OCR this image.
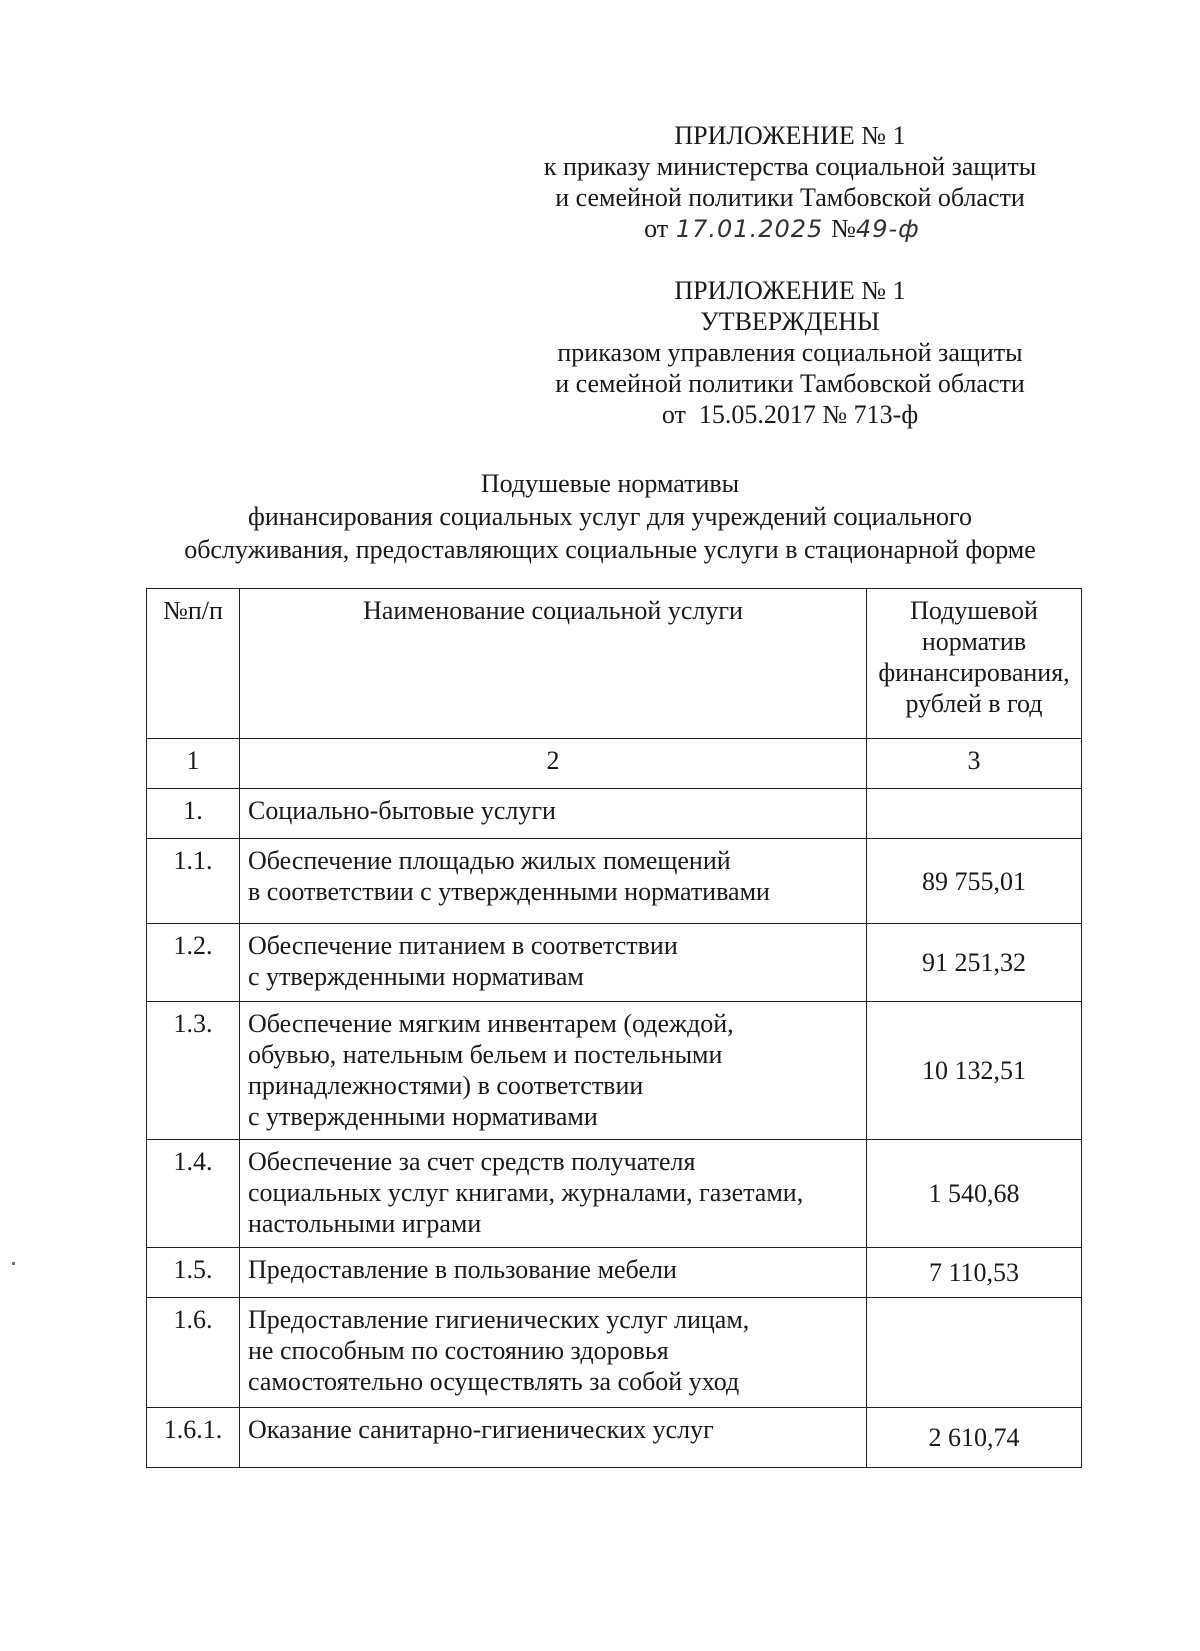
ПРИЛОЖЕНИЕ № 1
к приказу министерства социальной защиты
и семейной политики Тамбовской области
от 17.01.2025 №49-ф
ПРИЛОЖЕНИЕ № 1
УТВЕРЖДЕНЫ
приказом управления социальной защиты
и семейной политики Тамбовской области
от  15.05.2017 № 713-ф
Подушевые нормативы
финансирования социальных услуг для учреждений социального
обслуживания, предоставляющих социальные услуги в стационарной форме
№п/п	Наименование социальной услуги	Подушевой
норматив
финансирования,
рублей в год

1	2	3
1.	Социально-бытовые услуги	

1.1.	Обеспечение площадью жилых помещений
в соответствии с утвержденными нормативами	89 755,01
1.2.	Обеспечение питанием в соответствии
с утвержденными нормативам	91 251,32
1.3.	Обеспечение мягким инвентарем (одеждой,
обувью, нательным бельем и постельными
принадлежностями) в соответствии
с утвержденными нормативами	10 132,51
1.4.	Обеспечение за счет средств получателя
социальных услуг книгами, журналами, газетами,
настольными играми	1 540,68
1.5.	Предоставление в пользование мебели	7 110,53
1.6.	Предоставление гигиенических услуг лицам,
не способным по состоянию здоровья
самостоятельно осуществлять за собой уход	

1.6.1.	Оказание санитарно-гигиенических услуг	2 610,74
